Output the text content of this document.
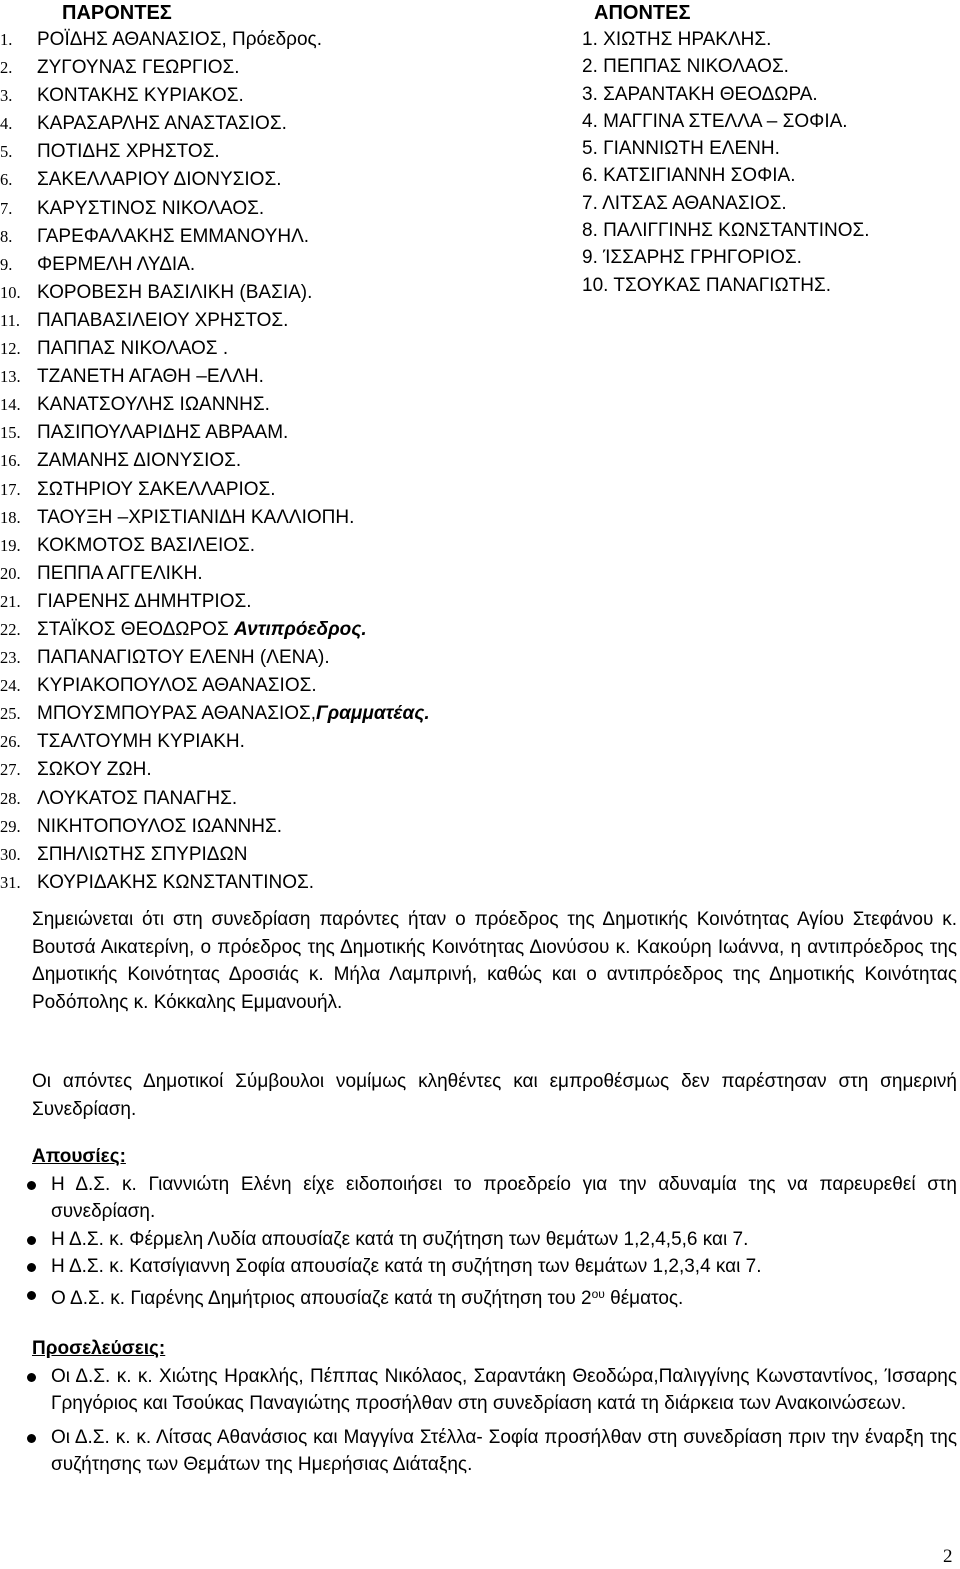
ΠΑΡΟΝΤΕΣ
1.	ΡΟΪΔΗΣ ΑΘΑΝΑΣΙΟΣ, Πρόεδρος.
2.	ΖΥΓΟΥΝΑΣ ΓΕΩΡΓΙΟΣ.
3.	ΚΟΝΤΑΚΗΣ ΚΥΡΙΑΚΟΣ.
4.	ΚΑΡΑΣΑΡΛΗΣ ΑΝΑΣΤΑΣΙΟΣ.
5.	ΠΟΤΙΔΗΣ ΧΡΗΣΤΟΣ.
6.	ΣΑΚΕΛΛΑΡΙΟΥ ΔΙΟΝΥΣΙΟΣ.
7.	ΚΑΡΥΣΤΙΝΟΣ ΝΙΚΟΛΑΟΣ.
8.	ΓΑΡΕΦΑΛΑΚΗΣ ΕΜΜΑΝΟΥΗΛ.
9.	ΦΕΡΜΕΛΗ ΛΥΔΙΑ.
10. ΚΟΡΟΒΕΣΗ ΒΑΣΙΛΙΚΗ (ΒΑΣΙΑ).
11. ΠΑΠΑΒΑΣΙΛΕΙΟΥ ΧΡΗΣΤΟΣ.
12. ΠΑΠΠΑΣ ΝΙΚΟΛΑΟΣ .
13. ΤΖΑΝΕΤΗ ΑΓΑΘΗ –ΕΛΛΗ.
14. ΚΑΝΑΤΣΟΥΛΗΣ ΙΩΑΝΝΗΣ.
15. ΠΑΣΙΠΟΥΛΑΡΙΔΗΣ ΑΒΡΑΑΜ.
16. ΖΑΜΑΝΗΣ ΔΙΟΝΥΣΙΟΣ.
17. ΣΩΤΗΡΙΟΥ ΣΑΚΕΛΛΑΡΙΟΣ.
18. ΤΑΟΥΞΗ –ΧΡΙΣΤΙΑΝΙΔΗ ΚΑΛΛΙΟΠΗ.
19. ΚΟΚΜΟΤΟΣ ΒΑΣΙΛΕΙΟΣ.
20. ΠΕΠΠΑ ΑΓΓΕΛΙΚΗ.
21. ΓΙΑΡΕΝΗΣ ΔΗΜΗΤΡΙΟΣ.
22. ΣΤΑΪΚΟΣ ΘΕΟΔΩΡΟΣ Αντιπρόεδρος.
23. ΠΑΠΑΝΑΓΙΩΤΟΥ ΕΛΕΝΗ (ΛΕΝΑ).
24. ΚΥΡΙΑΚΟΠΟΥΛΟΣ ΑΘΑΝΑΣΙΟΣ.
25. ΜΠΟΥΣΜΠΟΥΡΑΣ ΑΘΑΝΑΣΙΟΣ,Γραμματέας.
26. ΤΣΑΛΤΟΥΜΗ ΚΥΡΙΑΚΗ.
27. ΣΩΚΟΥ ΖΩΗ.
28. ΛΟΥΚΑΤΟΣ ΠΑΝΑΓΗΣ.
29. ΝΙΚΗΤΟΠΟΥΛΟΣ ΙΩΑΝΝΗΣ.
30. ΣΠΗΛΙΩΤΗΣ ΣΠΥΡΙΔΩΝ
31. ΚΟΥΡΙΔΑΚΗΣ ΚΩΝΣΤΑΝΤΙΝΟΣ.
ΑΠΟΝΤΕΣ
1. ΧΙΩΤΗΣ ΗΡΑΚΛΗΣ.
2. ΠΕΠΠΑΣ ΝΙΚΟΛΑΟΣ.
3. ΣΑΡΑΝΤΑΚΗ ΘΕΟΔΩΡΑ.
4. ΜΑΓΓΙΝΑ ΣΤΕΛΛΑ – ΣΟΦΙΑ.
5. ΓΙΑΝΝΙΩΤΗ ΕΛΕΝΗ.
6. ΚΑΤΣΙΓΙΑΝΝΗ ΣΟΦΙΑ.
7. ΛΙΤΣΑΣ ΑΘΑΝΑΣΙΟΣ.
8. ΠΑΛΙΓΓΙΝΗΣ ΚΩΝΣΤΑΝΤΙΝΟΣ.
9. ΊΣΣΑΡΗΣ ΓΡΗΓΟΡΙΟΣ.
10. ΤΣΟΥΚΑΣ ΠΑΝΑΓΙΩΤΗΣ.
Σημειώνεται ότι στη συνεδρίαση παρόντες ήταν ο πρόεδρος της Δημοτικής Κοινότητας Αγίου Στεφάνου κ. Βουτσά Αικατερίνη, ο πρόεδρος της Δημοτικής Κοινότητας Διονύσου κ. Κακούρη Ιωάννα, η αντιπρόεδρος της Δημοτικής Κοινότητας Δροσιάς κ. Μήλα Λαμπρινή, καθώς και ο αντιπρόεδρος της Δημοτικής Κοινότητας Ροδόπολης κ. Κόκκαλης Εμμανουήλ.
Οι απόντες Δημοτικοί Σύμβουλοι νομίμως κληθέντες και εμπροθέσμως δεν παρέστησαν στη σημερινή Συνεδρίαση.
Απουσίες:
Η Δ.Σ. κ. Γιαννιώτη Ελένη είχε ειδοποιήσει το προεδρείο για την αδυναμία της να παρευρεθεί στη συνεδρίαση.
Η Δ.Σ. κ. Φέρμελη Λυδία απουσίαζε κατά τη συζήτηση των θεμάτων 1,2,4,5,6 και 7.
Η Δ.Σ. κ. Κατσίγιαννη Σοφία απουσίαζε κατά τη συζήτηση των θεμάτων 1,2,3,4 και 7.
Ο Δ.Σ. κ. Γιαρένης Δημήτριος απουσίαζε κατά τη συζήτηση του $2^{o\upsilon}$ θέματος.
Προσελεύσεις:
Οι Δ.Σ. κ. κ. Χιώτης Ηρακλής, Πέππας Νικόλαος, Σαραντάκη Θεοδώρα,Παλιγγίνης Κωνσταντίνος, Ίσσαρης Γρηγόριος και Τσούκας Παναγιώτης προσήλθαν στη συνεδρίαση κατά τη διάρκεια των Ανακοινώσεων.
Οι Δ.Σ. κ. κ. Λίτσας Αθανάσιος και Μαγγίνα Στέλλα- Σοφία προσήλθαν στη συνεδρίαση πριν την έναρξη της συζήτησης των Θεμάτων της Ημερήσιας Διάταξης.
2
